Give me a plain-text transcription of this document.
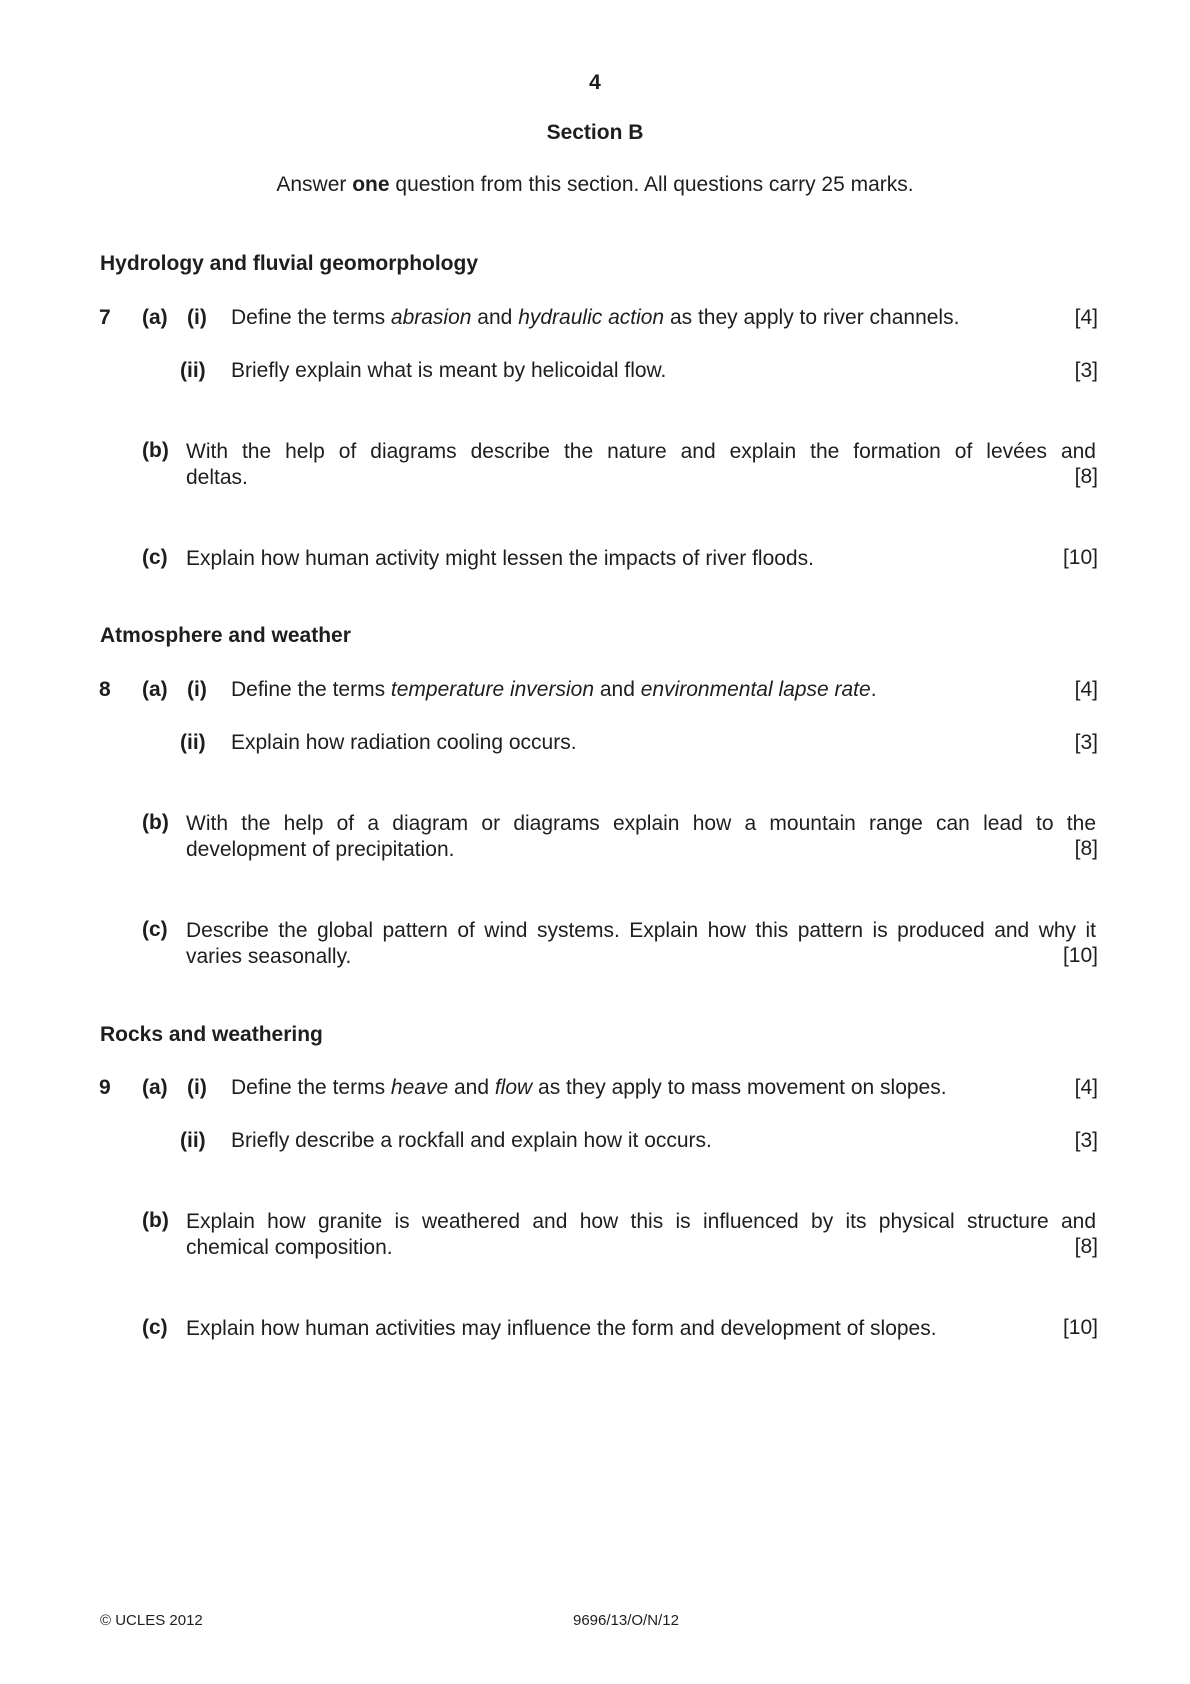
4
Section B
Answer one question from this section. All questions carry 25 marks.
Hydrology and fluvial geomorphology
7 (a) (i) Define the terms abrasion and hydraulic action as they apply to river channels.	[4]
(ii) Briefly explain what is meant by helicoidal flow.	[3]
(b) With the help of diagrams describe the nature and explain the formation of levées and
deltas.	[8]
(c) Explain how human activity might lessen the impacts of river floods.	[10]
Atmosphere and weather
8 (a) (i) Define the terms temperature inversion and environmental lapse rate.	[4]
(ii) Explain how radiation cooling occurs.	[3]
(b) With the help of a diagram or diagrams explain how a mountain range can lead to the
development of precipitation.	[8]
(c) Describe the global pattern of wind systems. Explain how this pattern is produced and why it
varies seasonally.	[10]
Rocks and weathering
9 (a) (i) Define the terms heave and flow as they apply to mass movement on slopes.	[4]
(ii) Briefly describe a rockfall and explain how it occurs.	[3]
(b) Explain how granite is weathered and how this is influenced by its physical structure and
chemical composition.	[8]
(c) Explain how human activities may influence the form and development of slopes.	[10]
© UCLES 2012	9696/13/O/N/12
